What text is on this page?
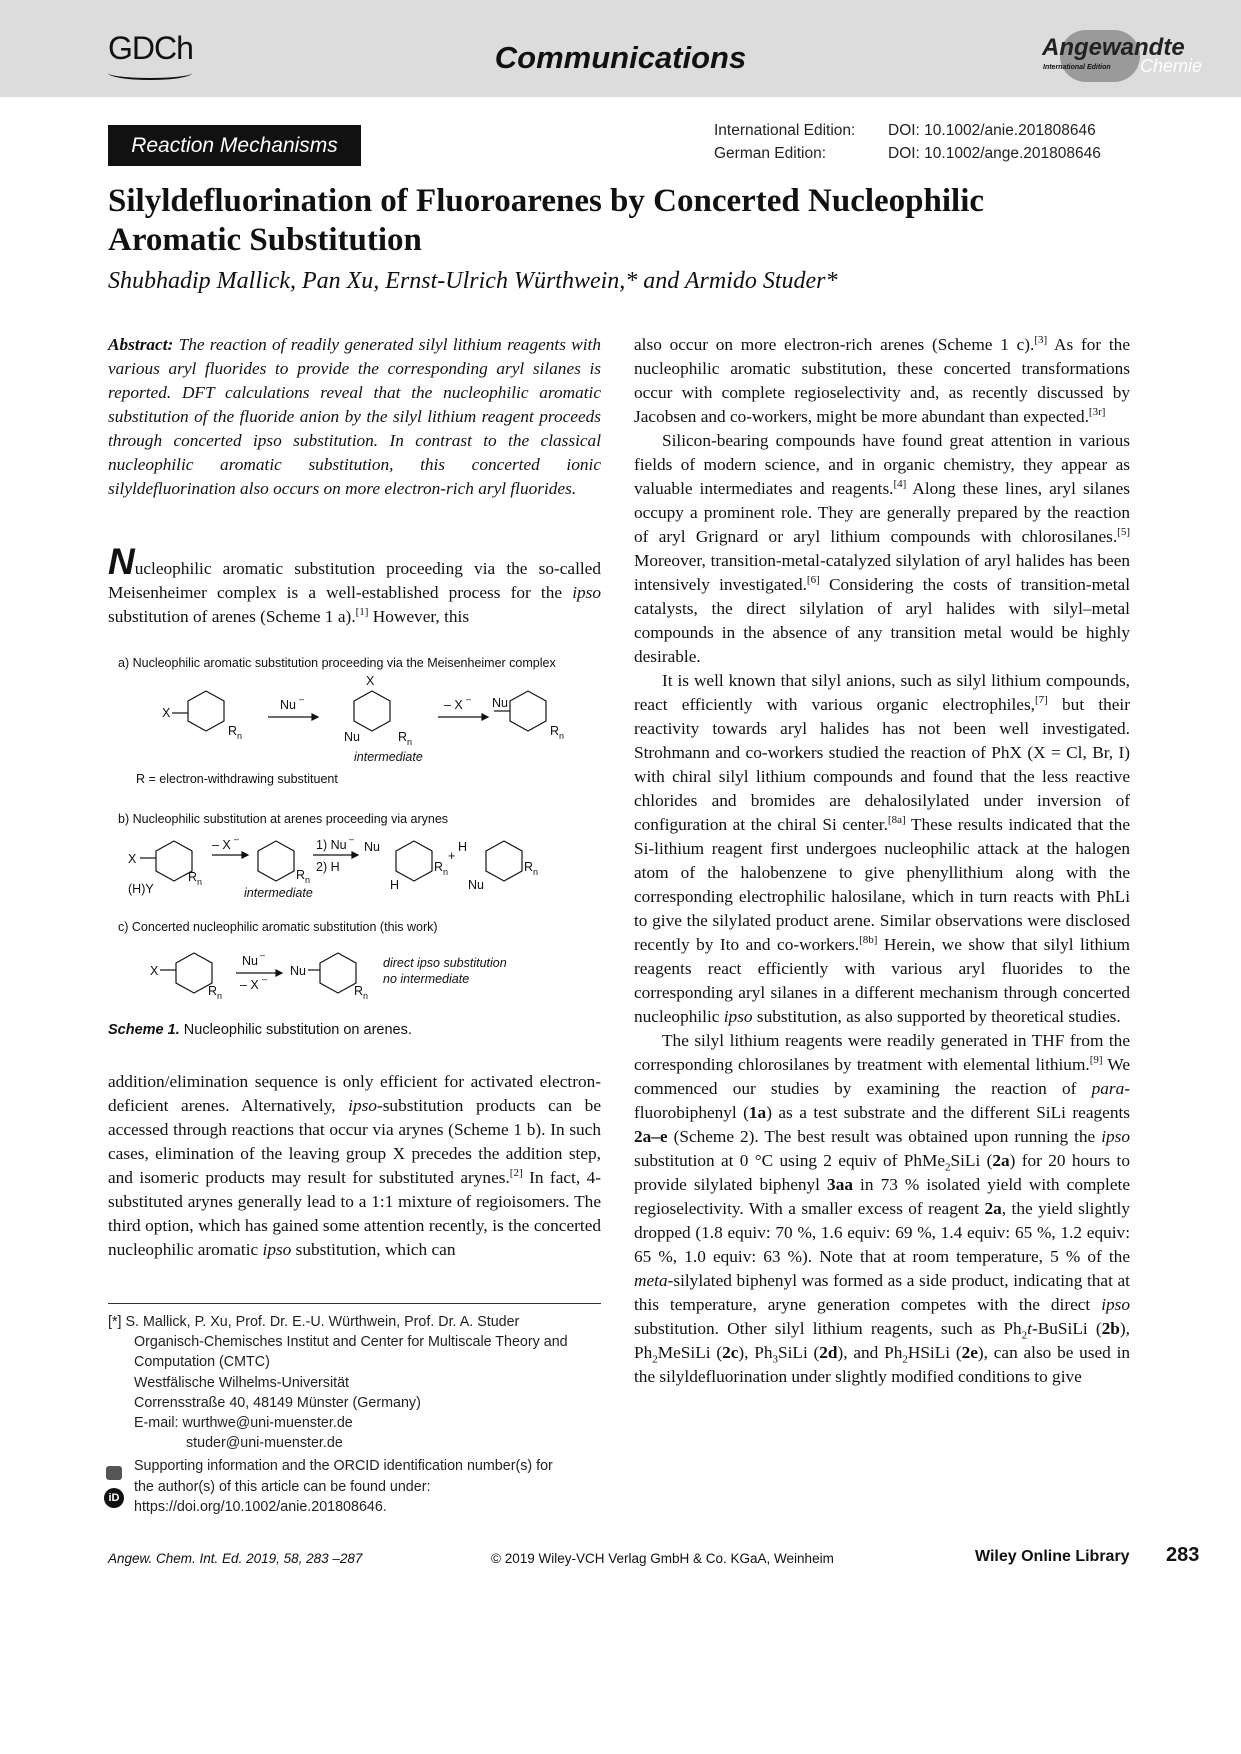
GDCh	Communications	Angewandte
International Edition Chemie
Reaction Mechanisms
International Edition: DOI: 10.1002/anie.201808646
German Edition:	DOI: 10.1002/ange.201808646
Silyldefluorination of Fluoroarenes by Concerted Nucleophilic
Aromatic Substitution
Shubhadip Mallick, Pan Xu, Ernst-Ulrich Würthwein,* and Armido Studer*
Abstract: The reaction of readily generated silyl lithium reagents with various aryl fluorides to provide the corresponding aryl silanes is reported. DFT calculations reveal that the nucleophilic aromatic substitution of the fluoride anion by the silyl lithium reagent proceeds through concerted ipso substitution. In contrast to the classical nucleophilic aromatic substitution, this concerted ionic silyldefluorination also occurs on more electron-rich aryl fluorides.

Nucleophilic aromatic substitution proceeding via the so-called Meisenheimer complex is a well-established process for the ipso substitution of arenes (Scheme 1 a).[1] However, this

a) Nucleophilic aromatic substitution proceeding via the Meisenheimer complex
X
R n
Nu –
X
Nu	R n
intermediate
– X – Nu
R n
R = electron-withdrawing substituent
b) Nucleophilic substitution at arenes proceeding via arynes
X
(H)Y
R n
– X –
R n
intermediate
1) Nu –
2) H
Nu
H
R n
+
H
Nu
R n
c) Concerted nucleophilic aromatic substitution (this work)
X
R n
Nu –
– X –
Nu
R n
direct ipso substitution
no intermediate
Scheme 1. Nucleophilic substitution on arenes.

addition/elimination sequence is only efficient for activated electron-deficient arenes. Alternatively, ipso-substitution products can be accessed through reactions that occur via arynes (Scheme 1 b). In such cases, elimination of the leaving group X precedes the addition step, and isomeric products may result for substituted arynes.[2] In fact, 4-substituted arynes generally lead to a 1:1 mixture of regioisomers. The third option, which has gained some attention recently, is the concerted nucleophilic aromatic ipso substitution, which can

[*] S. Mallick, P. Xu, Prof. Dr. E.-U. Würthwein, Prof. Dr. A. Studer
Organisch-Chemisches Institut and Center for Multiscale Theory and
Computation (CMTC)
Westfälische Wilhelms-Universität
Corrensstraße 40, 48149 Münster (Germany)
E-mail: wurthwe@uni-muenster.de
studer@uni-muenster.de
Supporting information and the ORCID identification number(s) for
the author(s) of this article can be found under:
https://doi.org/10.1002/anie.201808646.
iD

also occur on more electron-rich arenes (Scheme 1 c).[3] As for the nucleophilic aromatic substitution, these concerted transformations occur with complete regioselectivity and, as recently discussed by Jacobsen and co-workers, might be more abundant than expected.[3r]

Silicon-bearing compounds have found great attention in various fields of modern science, and in organic chemistry, they appear as valuable intermediates and reagents.[4] Along these lines, aryl silanes occupy a prominent role. They are generally prepared by the reaction of aryl Grignard or aryl lithium compounds with chlorosilanes.[5] Moreover, transition-metal-catalyzed silylation of aryl halides has been intensively investigated.[6] Considering the costs of transition-metal catalysts, the direct silylation of aryl halides with silyl–metal compounds in the absence of any transition metal would be highly desirable.

It is well known that silyl anions, such as silyl lithium compounds, react efficiently with various organic electrophiles,[7] but their reactivity towards aryl halides has not been well investigated. Strohmann and co-workers studied the reaction of PhX (X = Cl, Br, I) with chiral silyl lithium compounds and found that the less reactive chlorides and bromides are dehalosilylated under inversion of configuration at the chiral Si center.[8a] These results indicated that the Si-lithium reagent first undergoes nucleophilic attack at the halogen atom of the halobenzene to give phenyllithium along with the corresponding electrophilic halosilane, which in turn reacts with PhLi to give the silylated product arene. Similar observations were disclosed recently by Ito and co-workers.[8b] Herein, we show that silyl lithium reagents react efficiently with various aryl fluorides to the corresponding aryl silanes in a different mechanism through concerted nucleophilic ipso substitution, as also supported by theoretical studies.

The silyl lithium reagents were readily generated in THF from the corresponding chlorosilanes by treatment with elemental lithium.[9] We commenced our studies by examining the reaction of para-fluorobiphenyl (1a) as a test substrate and the different SiLi reagents 2a–e (Scheme 2). The best result was obtained upon running the ipso substitution at 0 °C using 2 equiv of PhMe$_2$SiLi (2a) for 20 hours to provide silylated biphenyl 3aa in 73 % isolated yield with complete regioselectivity. With a smaller excess of reagent 2a, the yield slightly dropped (1.8 equiv: 70 %, 1.6 equiv: 69 %, 1.4 equiv: 65 %, 1.2 equiv: 65 %, 1.0 equiv: 63 %). Note that at room temperature, 5 % of the meta-silylated biphenyl was formed as a side product, indicating that at this temperature, aryne generation competes with the direct ipso substitution. Other silyl lithium reagents, such as $Ph_2t$-BuSiLi (2b), $Ph_2MeSiLi$ (2c), $Ph_3SiLi$ (2d), and $Ph_2HSiLi$ (2e), can also be used in the silyldefluorination under slightly modified conditions to give

Angew. Chem. Int. Ed. 2019, 58, 283 –287	© 2019 Wiley-VCH Verlag GmbH & Co. KGaA, Weinheim	Wiley Online Library 283
